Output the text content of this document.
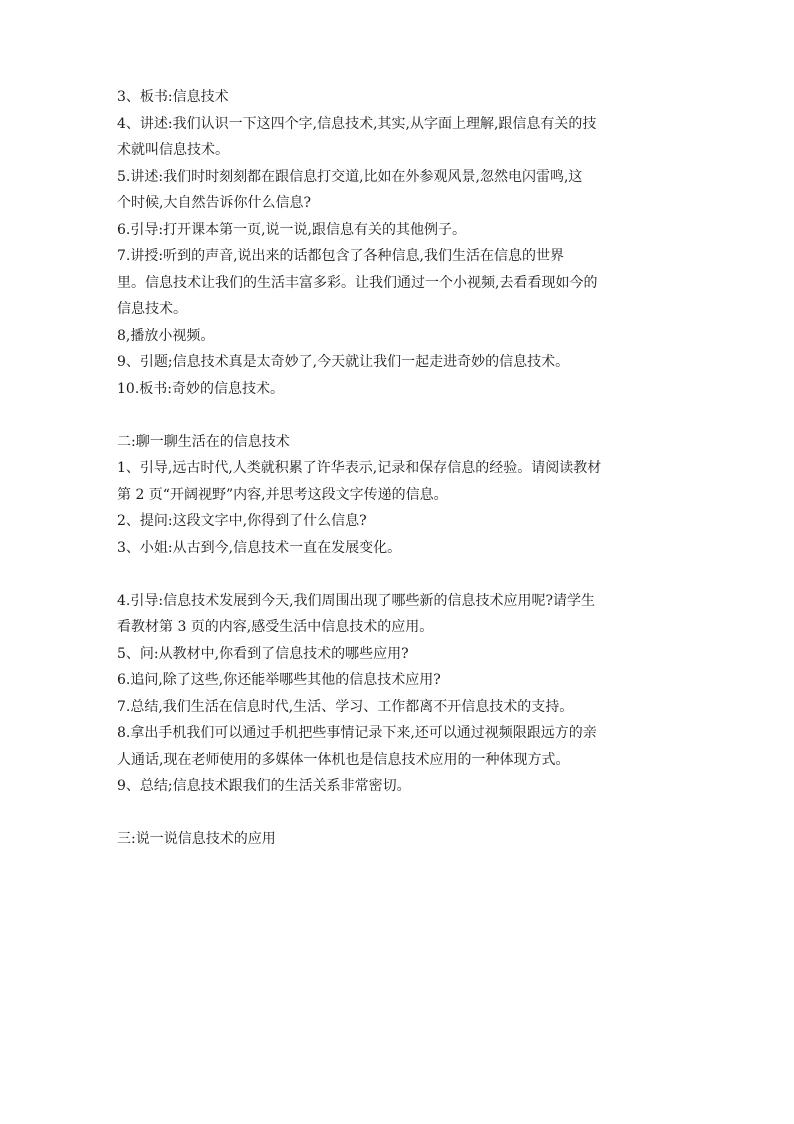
3、板书:信息技术
4、讲述:我们认识一下这四个字,信息技术,其实,从字面上理解,跟信息有关的技
术就叫信息技术。
5.讲述:我们时时刻刻都在跟信息打交道,比如在外参观风景,忽然电闪雷鸣,这
个时候,大自然告诉你什么信息?
6.引导:打开课本第一页,说一说,跟信息有关的其他例子。
7.讲授:听到的声音,说出来的话都包含了各种信息,我们生活在信息的世界
里。信息技术让我们的生活丰富多彩。让我们通过一个小视频,去看看现如今的
信息技术。
8,播放小视频。
9、引题;信息技术真是太奇妙了,今天就让我们一起走进奇妙的信息技术。
10.板书:奇妙的信息技术。
二:聊一聊生活在的信息技术
1、引导,远古时代,人类就积累了许华表示,记录和保存信息的经验。请阅读教材
第 2 页“开阔视野”内容,并思考这段文字传递的信息。
2、提问:这段文字中,你得到了什么信息?
3、小姐:从古到今,信息技术一直在发展变化。
4.引导:信息技术发展到今天,我们周围出现了哪些新的信息技术应用呢?请学生
看教材第 3 页的内容,感受生活中信息技术的应用。
5、问:从教材中,你看到了信息技术的哪些应用?
6.追问,除了这些,你还能举哪些其他的信息技术应用?
7.总结,我们生活在信息时代,生活、学习、工作都离不开信息技术的支持。
8.拿出手机我们可以通过手机把些事情记录下来,还可以通过视频限跟远方的亲
人通话,现在老师使用的多媒体一体机也是信息技术应用的一种体现方式。
9、总结;信息技术跟我们的生活关系非常密切。
三:说一说信息技术的应用
